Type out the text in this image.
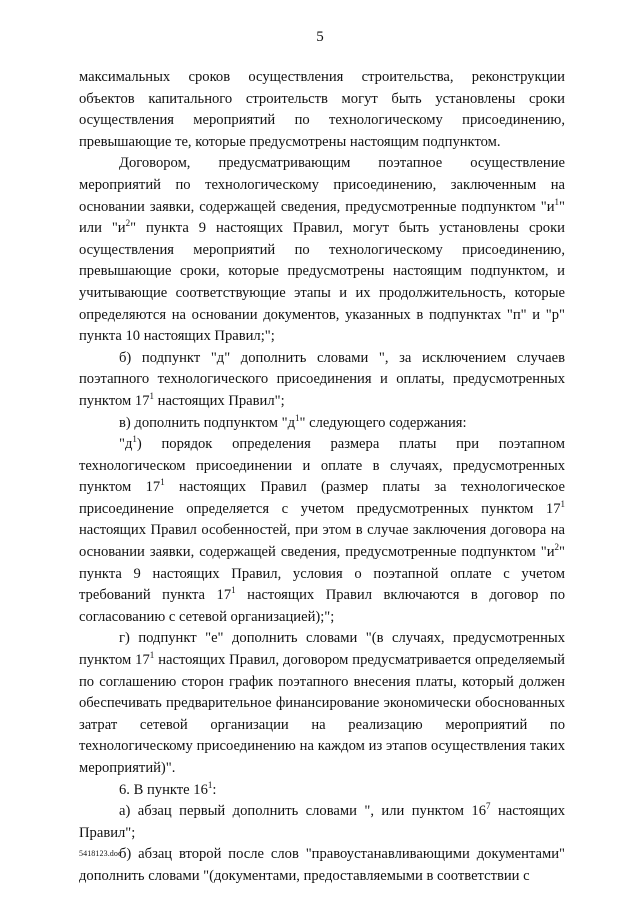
5

максимальных сроков осуществления строительства, реконструкции объектов капитального строительств могут быть установлены сроки осуществления мероприятий по технологическому присоединению, превышающие те, которые предусмотрены настоящим подпунктом.

Договором, предусматривающим поэтапное осуществление мероприятий по технологическому присоединению, заключенным на основании заявки, содержащей сведения, предусмотренные подпунктом "$и^1$" или "$и^2$" пункта 9 настоящих Правил, могут быть установлены сроки осуществления мероприятий по технологическому присоединению, превышающие сроки, которые предусмотрены настоящим подпунктом, и учитывающие соответствующие этапы и их продолжительность, которые определяются на основании документов, указанных в подпунктах "п" и "р" пункта 10 настоящих Правил;";

б) подпункт "д" дополнить словами ", за исключением случаев поэтапного технологического присоединения и оплаты, предусмотренных пунктом $17^1$ настоящих Правил";

в) дополнить подпунктом "$д^1$" следующего содержания:

"$д^1$) порядок определения размера платы при поэтапном технологическом присоединении и оплате в случаях, предусмотренных пунктом $17^1$ настоящих Правил (размер платы за технологическое присоединение определяется с учетом предусмотренных пунктом $17^1$ настоящих Правил особенностей, при этом в случае заключения договора на основании заявки, содержащей сведения, предусмотренные подпунктом "$и^2$" пункта 9 настоящих Правил, условия о поэтапной оплате с учетом требований пункта $17^1$ настоящих Правил включаются в договор по согласованию с сетевой организацией);";

г) подпункт "е" дополнить словами "(в случаях, предусмотренных пунктом $17^1$ настоящих Правил, договором предусматривается определяемый по соглашению сторон график поэтапного внесения платы, который должен обеспечивать предварительное финансирование экономически обоснованных затрат сетевой организации на реализацию мероприятий по технологическому присоединению на каждом из этапов осуществления таких мероприятий)".

6. В пункте $16^1$:

а) абзац первый дополнить словами ", или пунктом $16^7$ настоящих Правил";

б) абзац второй после слов "правоустанавливающими документами" дополнить словами "(документами, предоставляемыми в соответствии с

5418123.doc
